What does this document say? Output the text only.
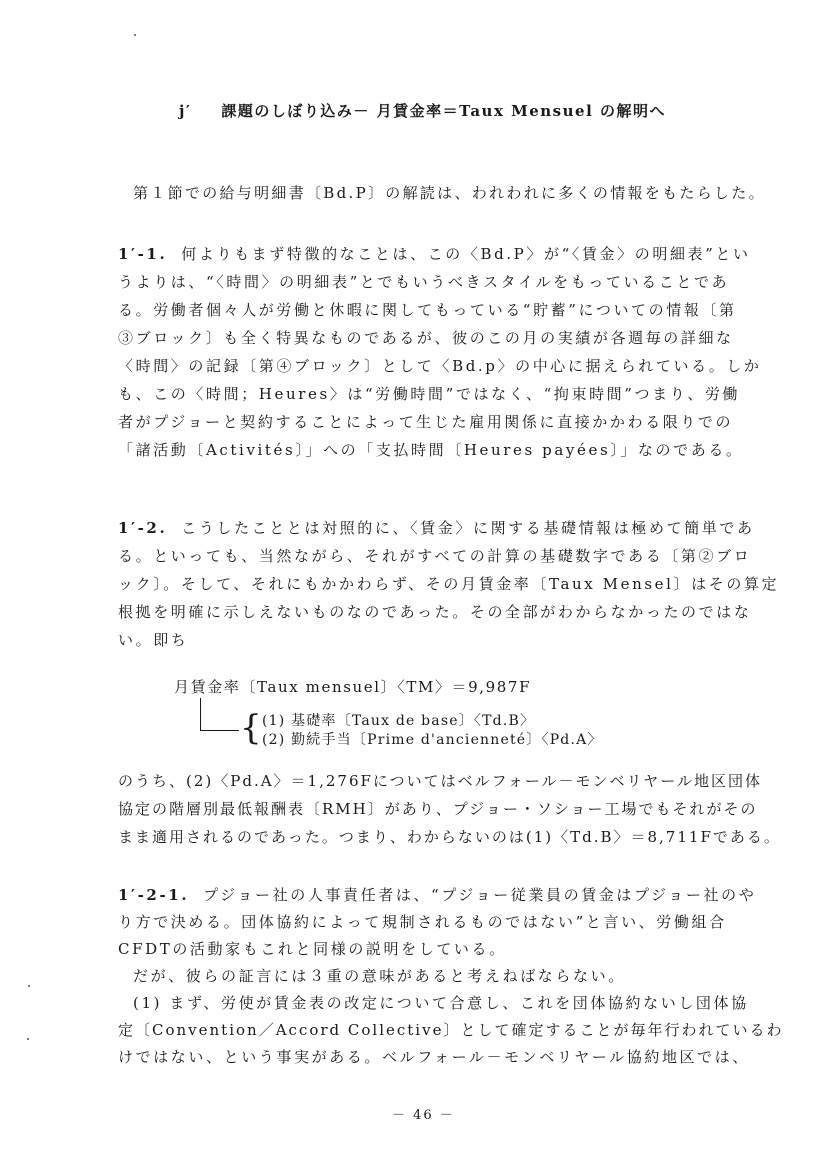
j′ 課題のしぼり込み－ 月賃金率＝Taux Mensuel の解明へ
第１節での給与明細書〔Bd.P〕の解読は、われわれに多くの情報をもたらした。
1′-1. 何よりもまず特徴的なことは、この〈Bd.P〉が“〈賃金〉の明細表”とい
うよりは、“〈時間〉の明細表”とでもいうべきスタイルをもっていることであ
る。労働者個々人が労働と休暇に関してもっている“貯蓄”についての情報〔第
③ブロック〕も全く特異なものであるが、彼のこの月の実績が各週毎の詳細な
〈時間〉の記録〔第④ブロック〕として〈Bd.p〉の中心に据えられている。しか
も、この〈時間；Heures〉は“労働時間”ではなく、“拘束時間”つまり、労働
者がプジョーと契約することによって生じた雇用関係に直接かかわる限りでの
「諸活動〔Activités〕」への「支払時間〔Heures payées〕」なのである。
1′-2. こうしたこととは対照的に、〈賃金〉に関する基礎情報は極めて簡単であ
る。といっても、当然ながら、それがすべての計算の基礎数字である〔第②ブロ
ック〕。そして、それにもかかわらず、その月賃金率〔Taux Mensel〕はその算定
根拠を明確に示しえないものなのであった。その全部がわからなかったのではな
い。即ち
月賃金率〔Taux mensuel〕〈TM〉＝9,987F
{ (1) 基礎率〔Taux de base〕〈Td.B〉
(2) 勤続手当〔Prime d'ancienneté〕〈Pd.A〉
のうち、(2)〈Pd.A〉＝1,276Fについてはベルフォール－モンベリヤール地区団体
協定の階層別最低報酬表〔RMH〕があり、プジョー・ソショー工場でもそれがその
まま適用されるのであった。つまり、わからないのは(1)〈Td.B〉＝8,711Fである。
1′-2-1. プジョー社の人事責任者は、“プジョー従業員の賃金はプジョー社のや
り方で決める。団体協約によって規制されるものではない”と言い、労働組合
CFDTの活動家もこれと同様の説明をしている。
だが、彼らの証言には３重の意味があると考えねばならない。
(1) まず、労使が賃金表の改定について合意し、これを団体協約ないし団体協
定〔Convention／Accord Collective〕として確定することが毎年行われているわ
けではない、という事実がある。ベルフォール－モンベリヤール協約地区では、
－ 46 －
